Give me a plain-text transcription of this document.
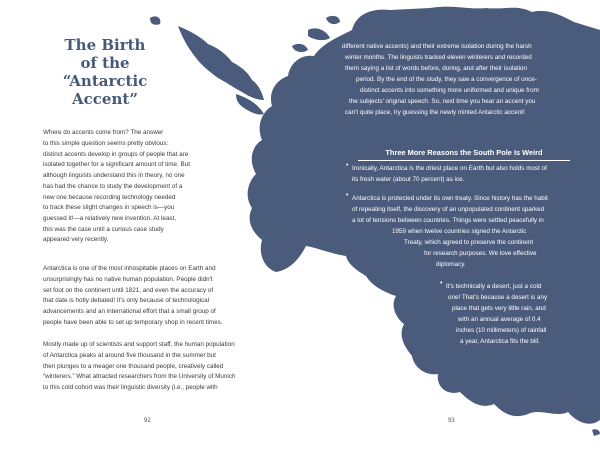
The Birth
of the
“Antarctic
Accent”

Where do accents come from? The answer
to this simple question seems pretty obvious:
distinct accents develop in groups of people that are
isolated together for a significant amount of time. But
although linguists understand this in theory, no one
has had the chance to study the development of a
new one because recording technology needed
to track these slight changes in speech is—you
guessed it!—a relatively new invention. At least,
this was the case until a curious case study
appeared very recently.

Antarctica is one of the most inhospitable places on Earth and
unsurprisingly has no native human population. People didn't
set foot on the continent until 1821, and even the accuracy of
that date is hotly debated! It's only because of technological
advancements and an international effort that a small group of
people have been able to set up temporary shop in recent times.

Mostly made up of scientists and support staff, the human population
of Antarctica peaks at around five thousand in the summer but
then plunges to a meager one thousand people, creatively called
“winterers.” What attracted researchers from the University of Munich
to this cold cohort was their linguistic diversity (i.e., people with

different native accents) and their extreme isolation during the harsh
winter months. The linguists tracked eleven winterers and recorded
them saying a list of words before, during, and after their isolation
period. By the end of the study, they saw a convergence of once-
distinct accents into something more uniformed and unique from
the subjects' original speech. So, next time you hear an accent you
can't quite place, try guessing the newly minted Antarctic accent!
Three More Reasons the South Pole Is Weird
• Ironically, Antarctica is the driest place on Earth but also holds most of
its fresh water (about 70 percent) as ice.
• Antarctica is protected under its own treaty. Since history has the habit
of repeating itself, the discovery of an unpopulated continent sparked
a lot of tensions between countries. Things were settled peacefully in
1959 when twelve countries signed the Antarctic
Treaty, which agreed to preserve the continent
for research purposes. We love effective
diplomacy.
• It's technically a desert, just a cold
one! That's because a desert is any
place that gets very little rain, and
with an annual average of 0.4
inches (10 millimeters) of rainfall
a year, Antarctica fits the bill.
92	93
